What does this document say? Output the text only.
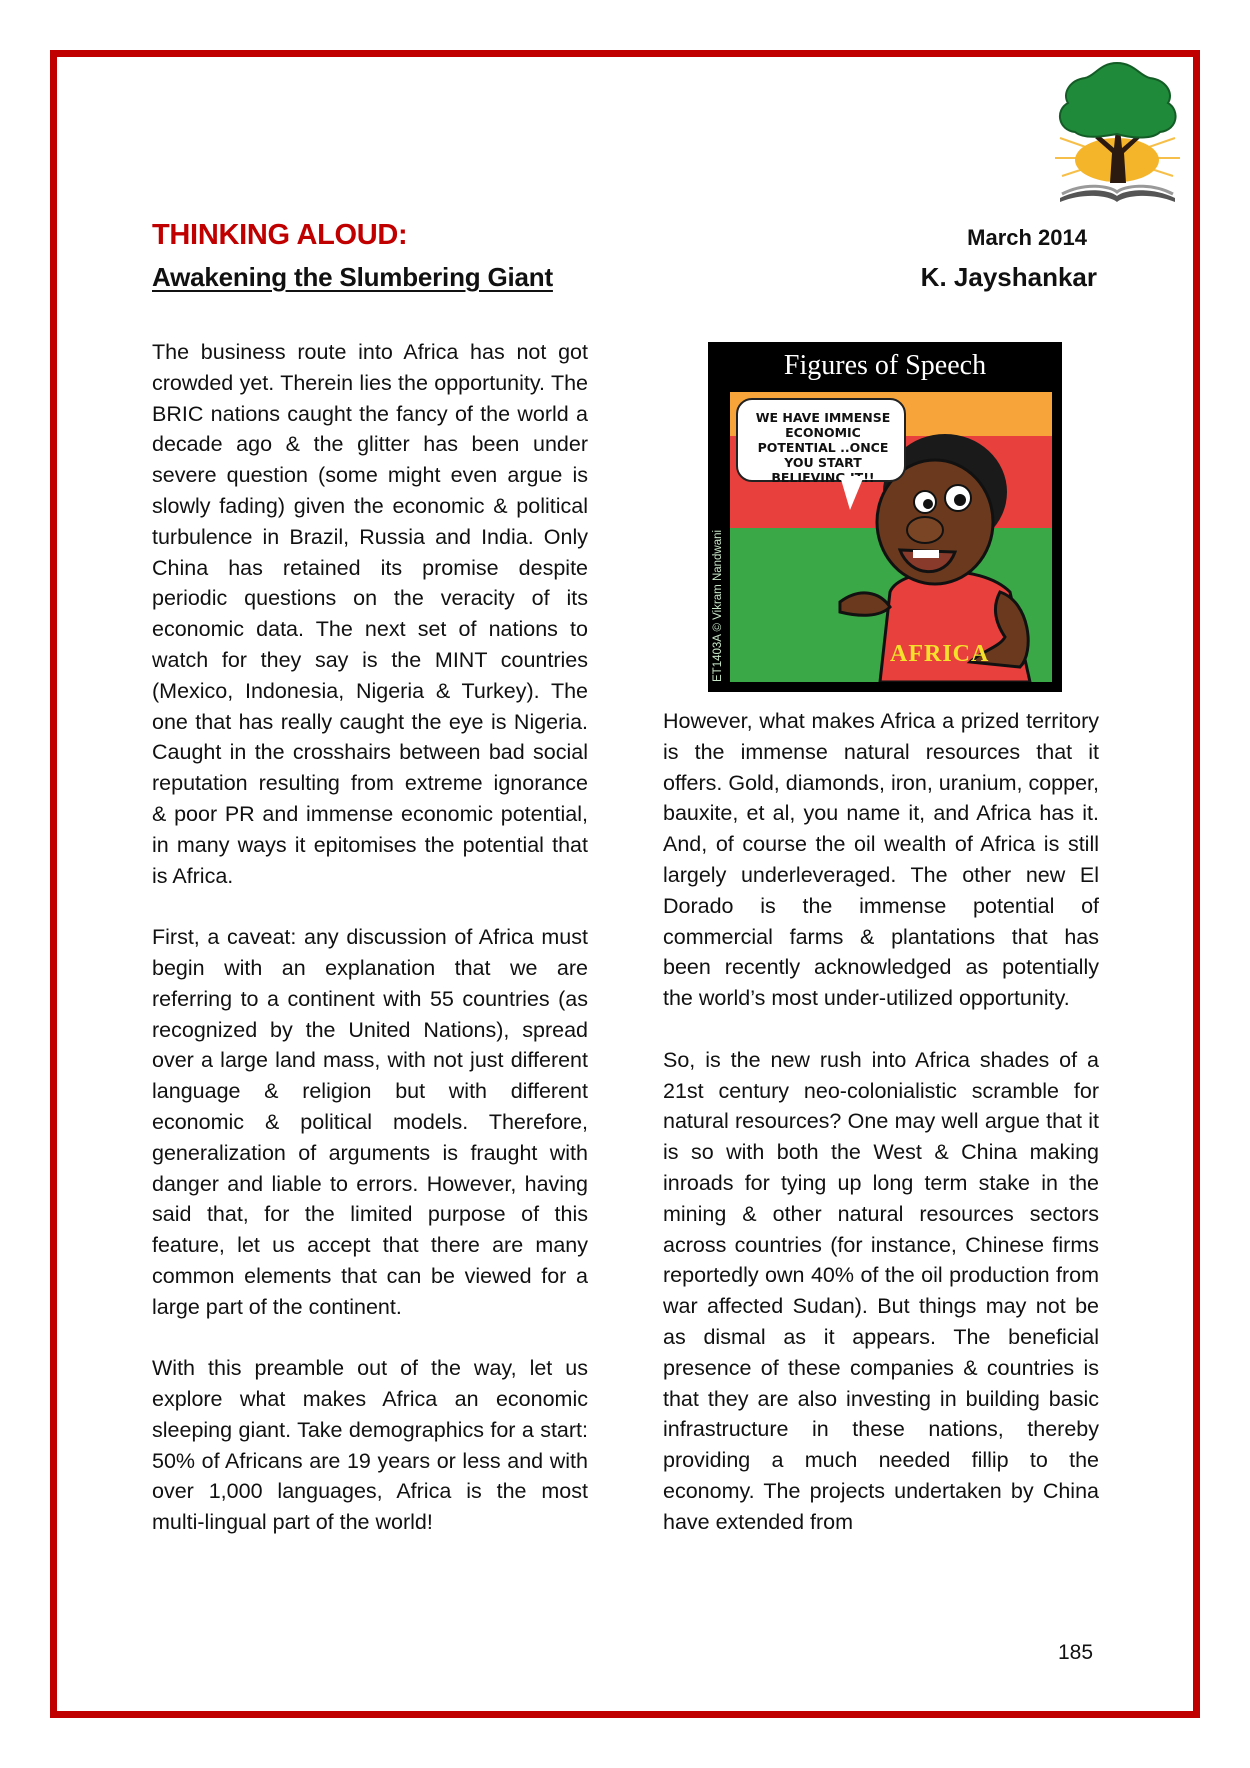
THINKING ALOUD:
Awakening the Slumbering Giant
March 2014
K. Jayshankar

The business route into Africa has not got crowded yet. Therein lies the opportunity. The BRIC nations caught the fancy of the world a decade ago & the glitter has been under severe question (some might even argue is slowly fading) given the economic & political turbulence in Brazil, Russia and India. Only China has retained its promise despite periodic questions on the veracity of its economic data. The next set of nations to watch for they say is the MINT countries (Mexico, Indonesia, Nigeria & Turkey). The one that has really caught the eye is Nigeria. Caught in the crosshairs between bad social reputation resulting from extreme ignorance & poor PR and immense economic potential, in many ways it epitomises the potential that is Africa.

First, a caveat: any discussion of Africa must begin with an explanation that we are referring to a continent with 55 countries (as recognized by the United Nations), spread over a large land mass, with not just different language & religion but with different economic & political models. Therefore, generalization of arguments is fraught with danger and liable to errors. However, having said that, for the limited purpose of this feature, let us accept that there are many common elements that can be viewed for a large part of the continent.

With this preamble out of the way, let us explore what makes Africa an economic sleeping giant. Take demographics for a start: 50% of Africans are 19 years or less and with over 1,000 languages, Africa is the most multi-lingual part of the world!

Figures of Speech
WE HAVE IMMENSE ECONOMIC POTENTIAL ..ONCE YOU START BELIEVING IT!!
AFRICA
ET1403A © Vikram Nandwani

However, what makes Africa a prized territory is the immense natural resources that it offers. Gold, diamonds, iron, uranium, copper, bauxite, et al, you name it, and Africa has it. And, of course the oil wealth of Africa is still largely underleveraged. The other new El Dorado is the immense potential of commercial farms & plantations that has been recently acknowledged as potentially the world’s most under-utilized opportunity.

So, is the new rush into Africa shades of a 21st century neo-colonialistic scramble for natural resources? One may well argue that it is so with both the West & China making inroads for tying up long term stake in the mining & other natural resources sectors across countries (for instance, Chinese firms reportedly own 40% of the oil production from war affected Sudan). But things may not be as dismal as it appears. The beneficial presence of these companies & countries is that they are also investing in building basic infrastructure in these nations, thereby providing a much needed fillip to the economy. The projects undertaken by China have extended from

185
